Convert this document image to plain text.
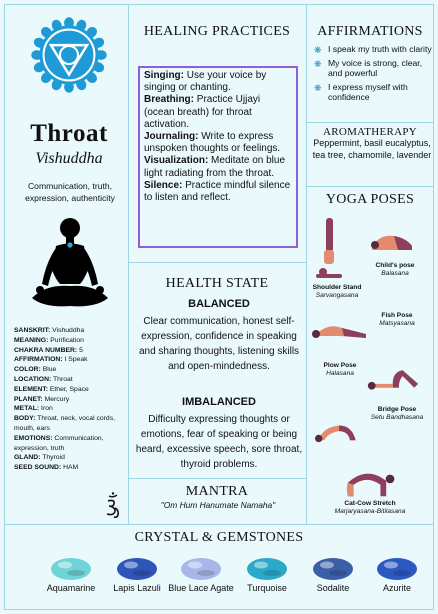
Throat
Vishuddha
Communication, truth, expression, authenticity
SANSKRIT: Vishuddha
MEANING: Purification
CHAKRA NUMBER: 5
AFFIRMATION: I Speak
COLOR: Blue
LOCATION: Throat
ELEMENT: Ether, Space
PLANET: Mercury
METAL: Iron
BODY: Throat, neck, vocal cords, mouth, ears
EMOTIONS: Communication, expression, truth
GLAND: Thyroid
SEED SOUND: HAM
HEALING PRACTICES
Singing: Use your voice by singing or chanting.
Breathing: Practice Ujjayi (ocean breath) for throat activation.
Journaling: Write to express unspoken thoughts or feelings.
Visualization: Meditate on blue light radiating from the throat.
Silence: Practice mindful silence to listen and reflect.
HEALTH STATE
BALANCED
Clear communication, honest self-expression, confidence in speaking and sharing thoughts, listening skills and open-mindedness.
IMBALANCED
Difficulty expressing thoughts or emotions, fear of speaking or being heard, excessive speech, sore throat, thyroid problems.
MANTRA
"Om Hum Hanumate Namaha"
AFFIRMATIONS
❋ I speak my truth with clarity
❋ My voice is strong, clear, and powerful
❋ I express myself with confidence
AROMATHERAPY
Peppermint, basil eucalyptus, tea tree, chamomile, lavender
YOGA POSES
Child's pose
Balasana
Shoulder Stand
Sarvangasana
Fish Pose
Matsyasana
Plow Pose
Halasana
Bridge Pose
Setu Bandhasana
Cat-Cow Stretch
Marjaryasana-Bitilasana
CRYSTAL & GEMSTONES
Aquamarine	Lapis Lazuli Blue Lace Agate	Turquoise	Sodalite	Azurite
